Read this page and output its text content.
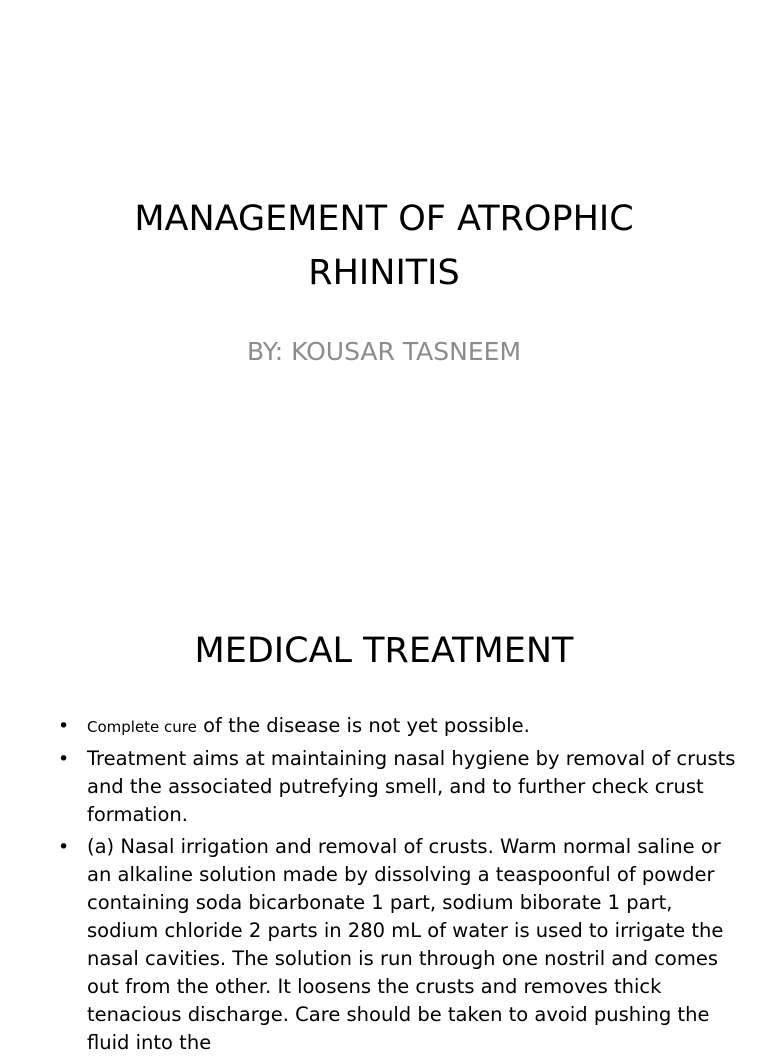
MANAGEMENT OF ATROPHIC
RHINITIS
BY: KOUSAR TASNEEM
MEDICAL TREATMENT
•	Complete cure of the disease is not yet possible.
• Treatment aims at maintaining nasal hygiene by removal of crusts and the associated putrefying smell, and to further check crust formation.
• (a) Nasal irrigation and removal of crusts. Warm normal saline or an alkaline solution made by dissolving a teaspoonful of powder containing soda bicarbonate 1 part, sodium biborate 1 part, sodium chloride 2 parts in 280 mL of water is used to irrigate the nasal cavities. The solution is run through one nostril and comes out from the other. It loosens the crusts and removes thick tenacious discharge. Care should be taken to avoid pushing the fluid into the
